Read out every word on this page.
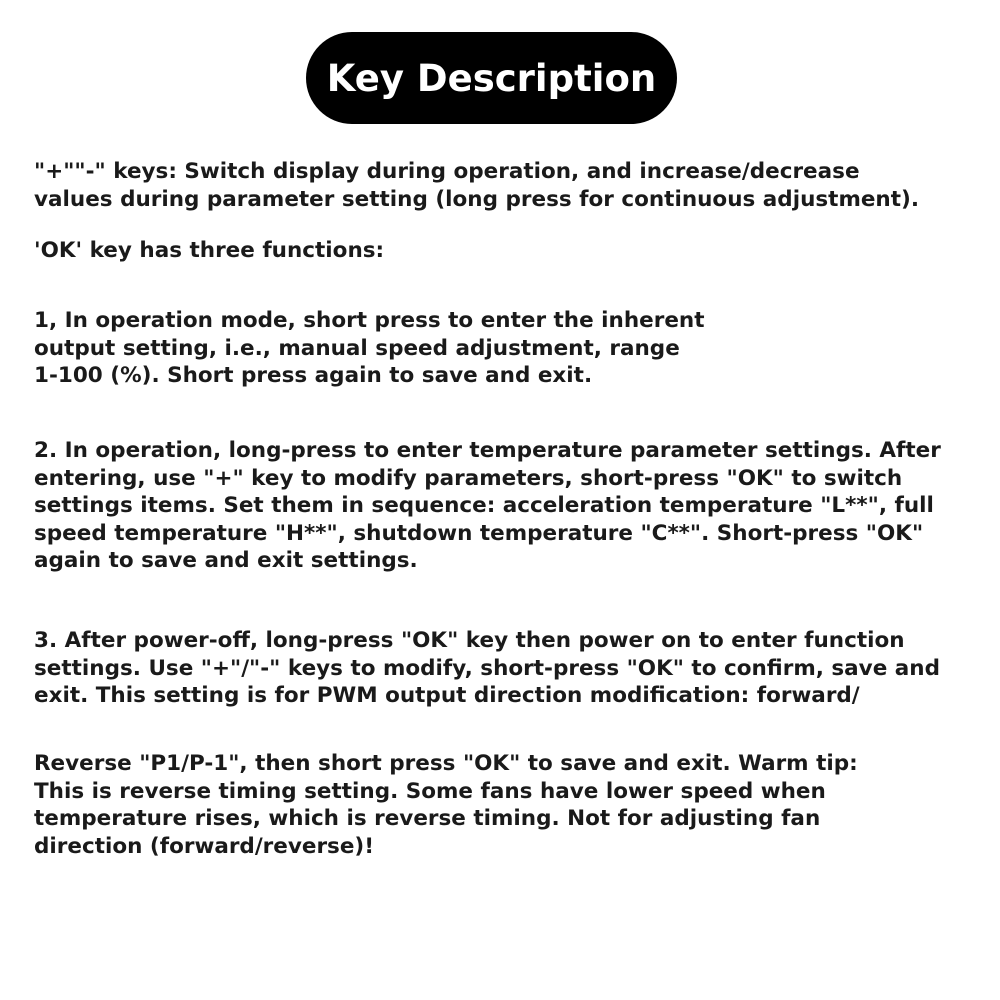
Key Description

"+""-" keys: Switch display during operation, and increase/decrease
values during parameter setting (long press for continuous adjustment).

'OK' key has three functions:

1, In operation mode, short press to enter the inherent
output setting, i.e., manual speed adjustment, range
1-100 (%). Short press again to save and exit.

2. In operation, long-press to enter temperature parameter settings. After
entering, use "+" key to modify parameters, short-press "OK" to switch
settings items. Set them in sequence: acceleration temperature "L**", full
speed temperature "H**", shutdown temperature "C**". Short-press "OK"
again to save and exit settings.

3. After power-off, long-press "OK" key then power on to enter function
settings. Use "+"/"-" keys to modify, short-press "OK" to confirm, save and
exit. This setting is for PWM output direction modification: forward/

Reverse "P1/P-1", then short press "OK" to save and exit. Warm tip:
This is reverse timing setting. Some fans have lower speed when
temperature rises, which is reverse timing. Not for adjusting fan
direction (forward/reverse)!
